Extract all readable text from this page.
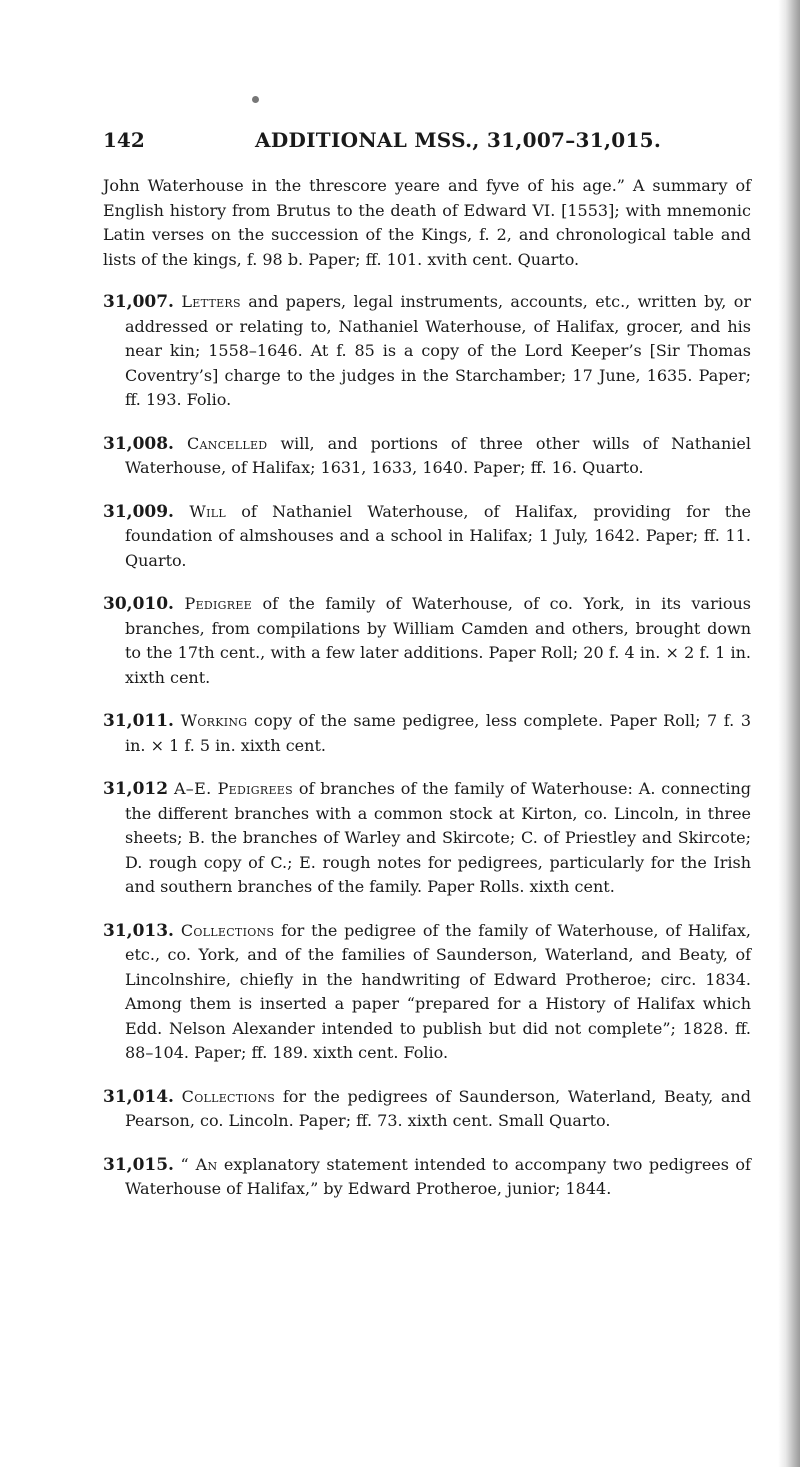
142	ADDITIONAL MSS., 31,007–31,015.

John Waterhouse in the threscore yeare and fyve of his age.” A summary of English history from Brutus to the death of Edward VI. [1553]; with mnemonic Latin verses on the succession of the Kings, f. 2, and chronological table and lists of the kings, f. 98 b. Paper; ff. 101. xvith cent. Quarto.

31,007. Letters and papers, legal instruments, accounts, etc., written by, or addressed or relating to, Nathaniel Waterhouse, of Halifax, grocer, and his near kin; 1558–1646. At f. 85 is a copy of the Lord Keeper’s [Sir Thomas Coventry’s] charge to the judges in the Starchamber; 17 June, 1635. Paper; ff. 193. Folio.

31,008. Cancelled will, and portions of three other wills of Nathaniel Waterhouse, of Halifax; 1631, 1633, 1640. Paper; ff. 16. Quarto.

31,009. Will of Nathaniel Waterhouse, of Halifax, providing for the foundation of almshouses and a school in Halifax; 1 July, 1642. Paper; ff. 11. Quarto.

30,010. Pedigree of the family of Waterhouse, of co. York, in its various branches, from compilations by William Camden and others, brought down to the 17th cent., with a few later additions. Paper Roll; 20 f. 4 in. × 2 f. 1 in. xixth cent.

31,011. Working copy of the same pedigree, less complete. Paper Roll; 7 f. 3 in. × 1 f. 5 in. xixth cent.

31,012 A–E. Pedigrees of branches of the family of Waterhouse: A. connecting the different branches with a common stock at Kirton, co. Lincoln, in three sheets; B. the branches of Warley and Skircote; C. of Priestley and Skircote; D. rough copy of C.; E. rough notes for pedigrees, particularly for the Irish and southern branches of the family. Paper Rolls. xixth cent.

31,013. Collections for the pedigree of the family of Waterhouse, of Halifax, etc., co. York, and of the families of Saunderson, Waterland, and Beaty, of Lincolnshire, chiefly in the handwriting of Edward Protheroe; circ. 1834. Among them is inserted a paper “prepared for a History of Halifax which Edd. Nelson Alexander intended to publish but did not complete”; 1828. ff. 88–104. Paper; ff. 189. xixth cent. Folio.

31,014. Collections for the pedigrees of Saunderson, Waterland, Beaty, and Pearson, co. Lincoln. Paper; ff. 73. xixth cent. Small Quarto.

31,015. “ An explanatory statement intended to accompany two pedigrees of Waterhouse of Halifax,” by Edward Protheroe, junior; 1844.
